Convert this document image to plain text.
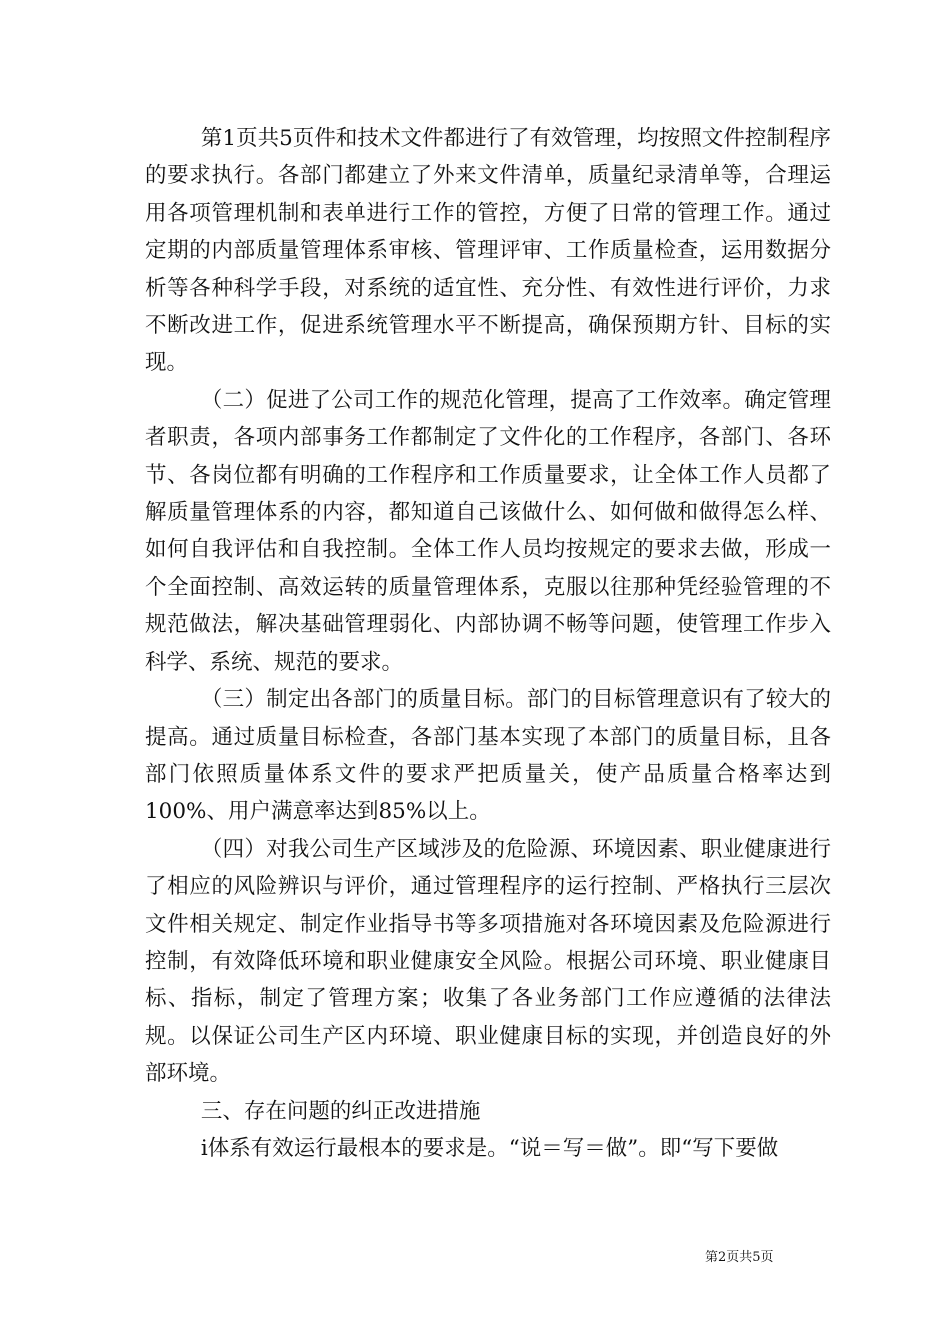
第1页共5页件和技术文件都进行了有效管理，均按照文件控制程序的要求执行。各部门都建立了外来文件清单，质量纪录清单等，合理运用各项管理机制和表单进行工作的管控，方便了日常的管理工作。通过定期的内部质量管理体系审核、管理评审、工作质量检查，运用数据分析等各种科学手段，对系统的适宜性、充分性、有效性进行评价，力求不断改进工作，促进系统管理水平不断提高，确保预期方针、目标的实现。

（二）促进了公司工作的规范化管理，提高了工作效率。确定管理者职责，各项内部事务工作都制定了文件化的工作程序，各部门、各环节、各岗位都有明确的工作程序和工作质量要求，让全体工作人员都了解质量管理体系的内容，都知道自己该做什么、如何做和做得怎么样、如何自我评估和自我控制。全体工作人员均按规定的要求去做，形成一个全面控制、高效运转的质量管理体系，克服以往那种凭经验管理的不规范做法，解决基础管理弱化、内部协调不畅等问题，使管理工作步入科学、系统、规范的要求。

（三）制定出各部门的质量目标。部门的目标管理意识有了较大的提高。通过质量目标检查，各部门基本实现了本部门的质量目标，且各部门依照质量体系文件的要求严把质量关，使产品质量合格率达到100%、用户满意率达到85%以上。

（四）对我公司生产区域涉及的危险源、环境因素、职业健康进行了相应的风险辨识与评价，通过管理程序的运行控制、严格执行三层次文件相关规定、制定作业指导书等多项措施对各环境因素及危险源进行控制，有效降低环境和职业健康安全风险。根据公司环境、职业健康目标、指标，制定了管理方案；收集了各业务部门工作应遵循的法律法规。以保证公司生产区内环境、职业健康目标的实现，并创造良好的外部环境。

三、存在问题的纠正改进措施

i体系有效运行最根本的要求是。“说＝写＝做”。即“写下要做

第2页共5页
